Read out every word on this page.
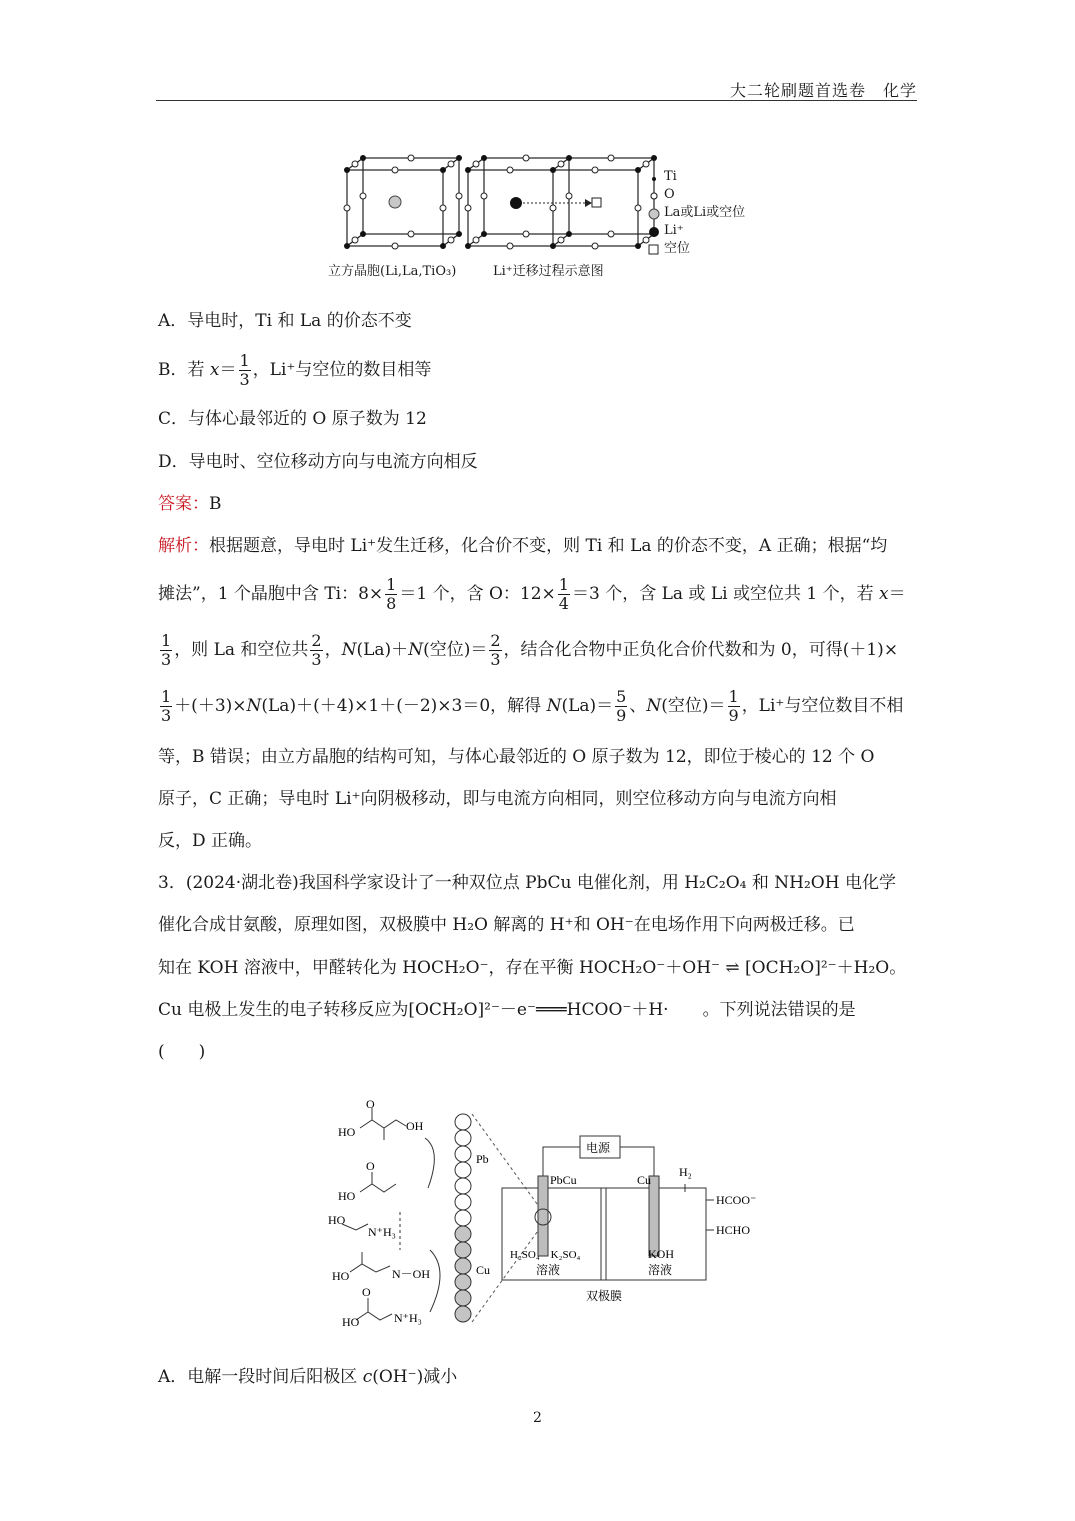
大二轮刷题首选卷　化学
Ti
O
La或Li或空位
Li⁺
空位
立方晶胞(Li,La,TiO₃)	Li⁺迁移过程示意图
A．导电时，Ti 和 La 的价态不变
B．若 $x= \frac{1}{3}$ ，Li⁺与空位的数目相等
C．与体心最邻近的 O 原子数为 12
D．导电时、空位移动方向与电流方向相反
答案：B
解析：根据题意，导电时 Li⁺发生迁移，化合价不变，则 Ti 和 La 的价态不变，A 正确；根据“均
摊法”，1 个晶胞中含 Ti：$8\times \frac{1}{8} =1$ 个，含 O：$12\times \frac{1}{4} =3$ 个，含 La 或 Li 或空位共 1 个，若 x＝
$\frac{1}{3}$ ，则 La 和空位共 $\frac{2}{3}$ ，N(La)＋N(空位)＝ $\frac{2}{3}$ ，结合化合物中正负化合价代数和为 0，可得(＋1)×
$\frac{1}{3} +(+3)\times N(La)+(+4)\times 1+(-2)\times 3=0$，解得 $N(La)= \frac{5}{9}$ 、N(空位)＝ $\frac{1}{9}$ ，Li⁺与空位数目不相
等，B 错误；由立方晶胞的结构可知，与体心最邻近的 O 原子数为 12，即位于棱心的 12 个 O
原子，C 正确；导电时 Li⁺向阴极移动，即与电流方向相同，则空位移动方向与电流方向相
反，D 正确。
3．(2024·湖北卷)我国科学家设计了一种双位点 PbCu 电催化剂，用 H₂C₂O₄ 和 NH₂OH 电化学
催化合成甘氨酸，原理如图，双极膜中 H₂O 解离的 H⁺和 OH⁻在电场作用下向两极迁移。已
知在 KOH 溶液中，甲醛转化为 HOCH₂O⁻，存在平衡 HOCH₂O⁻＋OH⁻ ⇌ [OCH₂O]²⁻＋H₂O。
Cu 电极上发生的电子转移反应为[OCH₂O]²⁻－e⁻═══HCOO⁻＋H·　　。下列说法错误的是
(　　)
Pb
Cu
HO	OH
O
HO
O
HO
N⁺H₃
HO	N－OH
HO	N⁺H₃
O
电源
PbCu	Cu
H₂
HCOO⁻
HCHO
H₂SO₄　K₂SO₄
溶液
KOH
溶液
双极膜
A．电解一段时间后阳极区 c(OH⁻)减小
2
